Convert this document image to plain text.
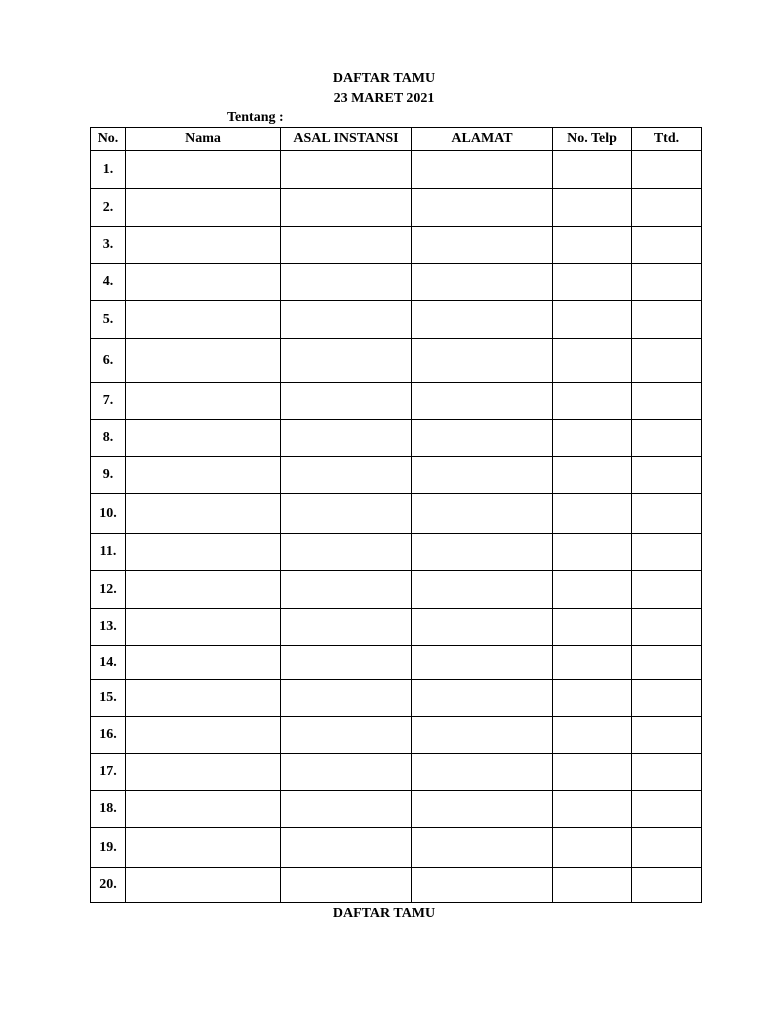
DAFTAR TAMU

23 MARET 2021

Tentang :
No.	Nama	ASAL INSTANSI	ALAMAT	No. Telp	Ttd.
1.					
2.					
3.					
4.					
5.					
6.					
7.					
8.					
9.					
10.					
11.					
12.					
13.					
14.					
15.					
16.					
17.					
18.					
19.					
20.					

DAFTAR TAMU
